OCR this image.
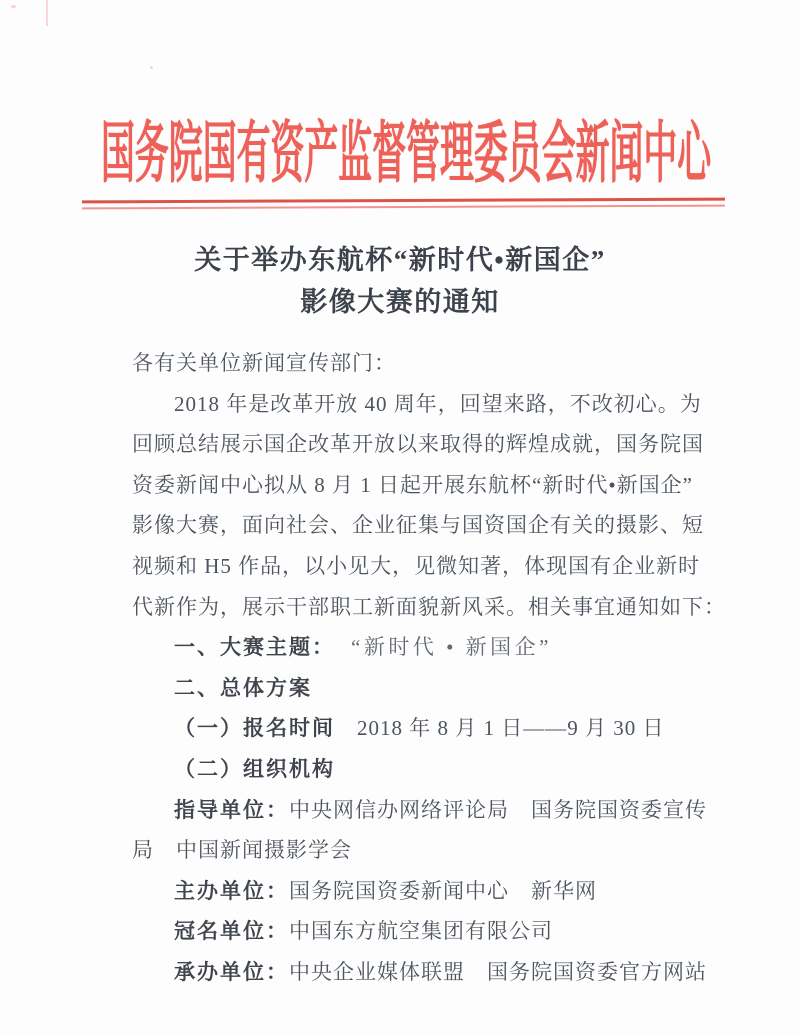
国务院国有资产监督管理委员会新闻中心
关于举办东航杯“新时代•新国企”
影像大赛的通知
各有关单位新闻宣传部门：
2018 年是改革开放 40 周年，回望来路，不改初心。为
回顾总结展示国企改革开放以来取得的辉煌成就，国务院国
资委新闻中心拟从 8 月 1 日起开展东航杯“新时代•新国企”
影像大赛，面向社会、企业征集与国资国企有关的摄影、短
视频和 H5 作品，以小见大，见微知著，体现国有企业新时
代新作为，展示干部职工新面貌新风采。相关事宜通知如下：
一、大赛主题： “新时代 • 新国企”
二、总体方案
（一）报名时间　2018 年 8 月 1 日——9 月 30 日
（二）组织机构
指导单位：中央网信办网络评论局　国务院国资委宣传
局　中国新闻摄影学会
主办单位：国务院国资委新闻中心　新华网
冠名单位：中国东方航空集团有限公司
承办单位：中央企业媒体联盟　国务院国资委官方网站
